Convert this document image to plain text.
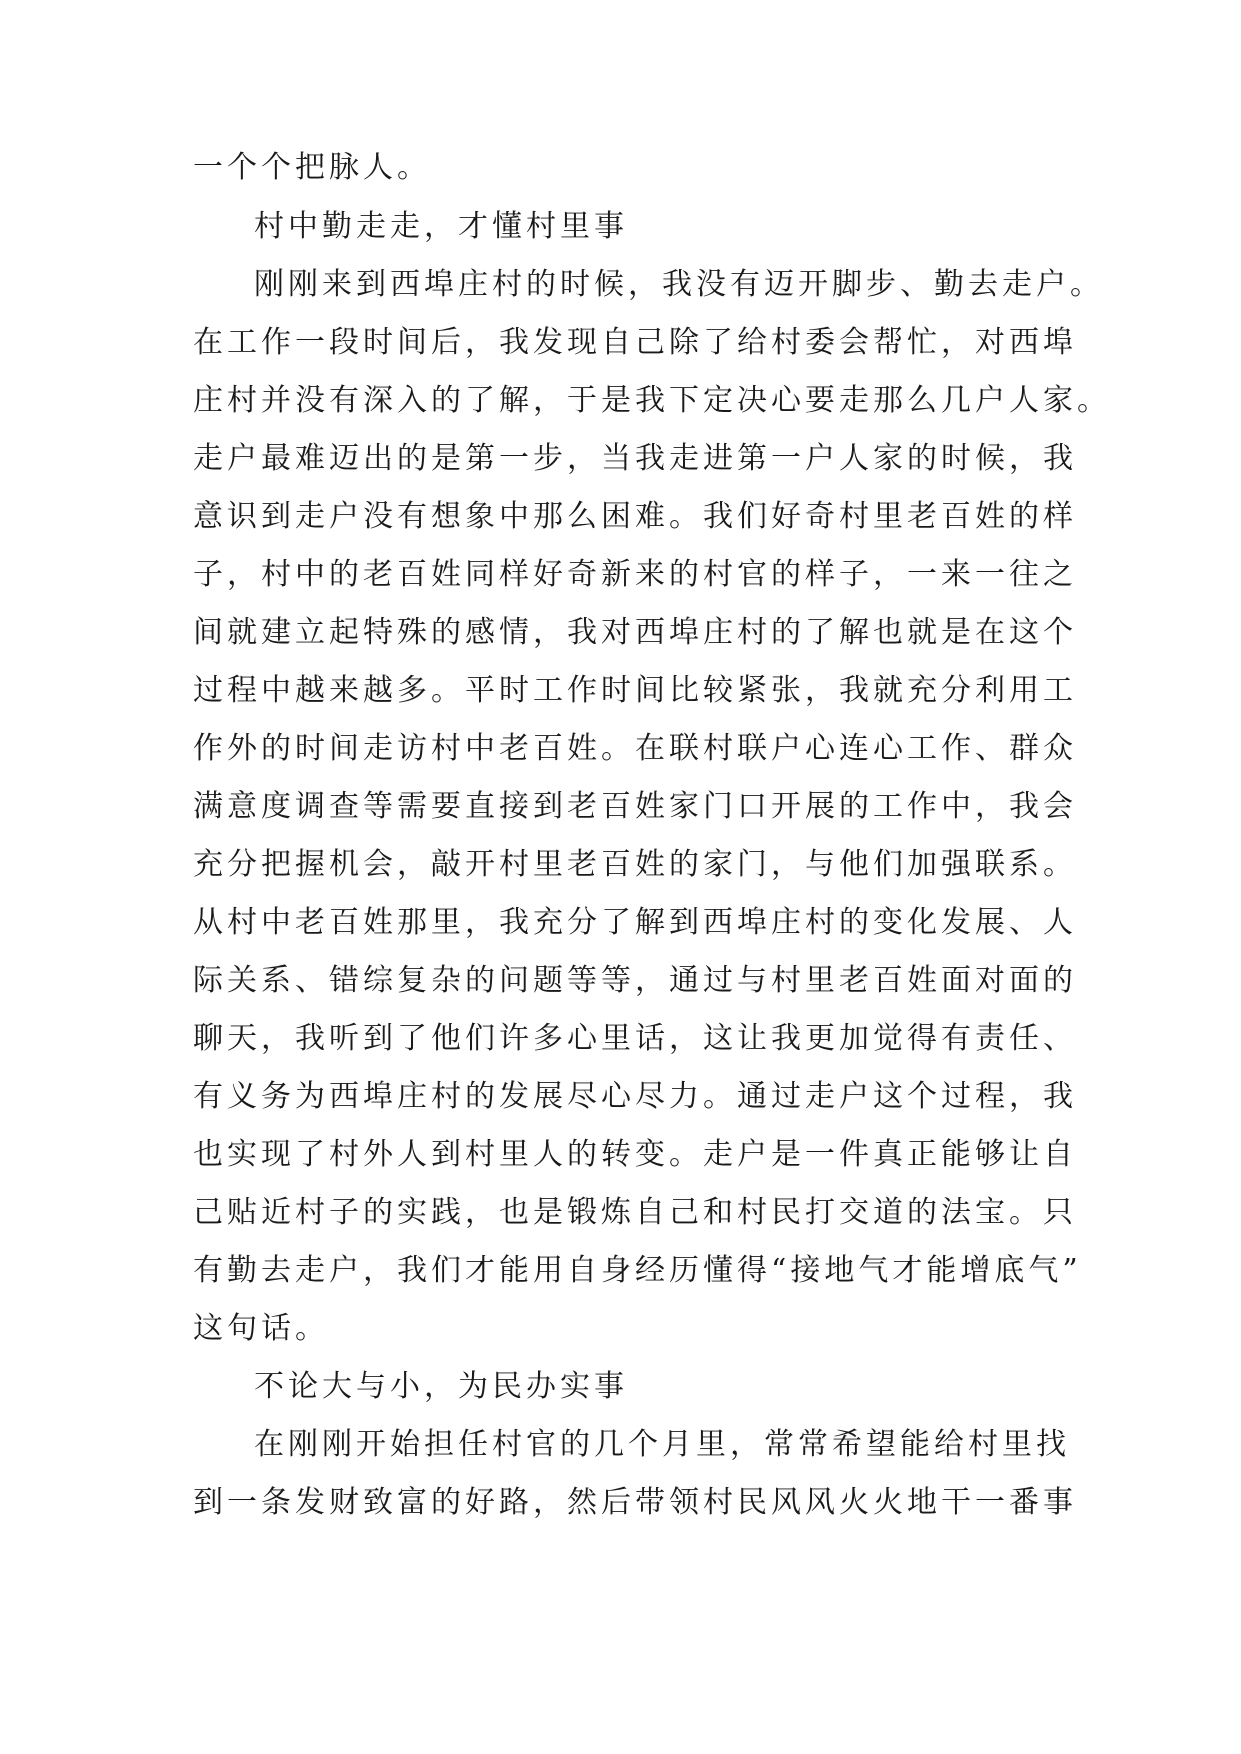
一个个把脉人。
村中勤走走，才懂村里事
刚刚来到西埠庄村的时候，我没有迈开脚步、勤去走户。
在工作一段时间后，我发现自己除了给村委会帮忙，对西埠
庄村并没有深入的了解，于是我下定决心要走那么几户人家。
走户最难迈出的是第一步，当我走进第一户人家的时候，我
意识到走户没有想象中那么困难。我们好奇村里老百姓的样
子，村中的老百姓同样好奇新来的村官的样子，一来一往之
间就建立起特殊的感情，我对西埠庄村的了解也就是在这个
过程中越来越多。平时工作时间比较紧张，我就充分利用工
作外的时间走访村中老百姓。在联村联户心连心工作、群众
满意度调查等需要直接到老百姓家门口开展的工作中，我会
充分把握机会，敲开村里老百姓的家门，与他们加强联系。
从村中老百姓那里，我充分了解到西埠庄村的变化发展、人
际关系、错综复杂的问题等等，通过与村里老百姓面对面的
聊天，我听到了他们许多心里话，这让我更加觉得有责任、
有义务为西埠庄村的发展尽心尽力。通过走户这个过程，我
也实现了村外人到村里人的转变。走户是一件真正能够让自
己贴近村子的实践，也是锻炼自己和村民打交道的法宝。只
有勤去走户，我们才能用自身经历懂得“接地气才能增底气”
这句话。
不论大与小，为民办实事
在刚刚开始担任村官的几个月里，常常希望能给村里找
到一条发财致富的好路，然后带领村民风风火火地干一番事
